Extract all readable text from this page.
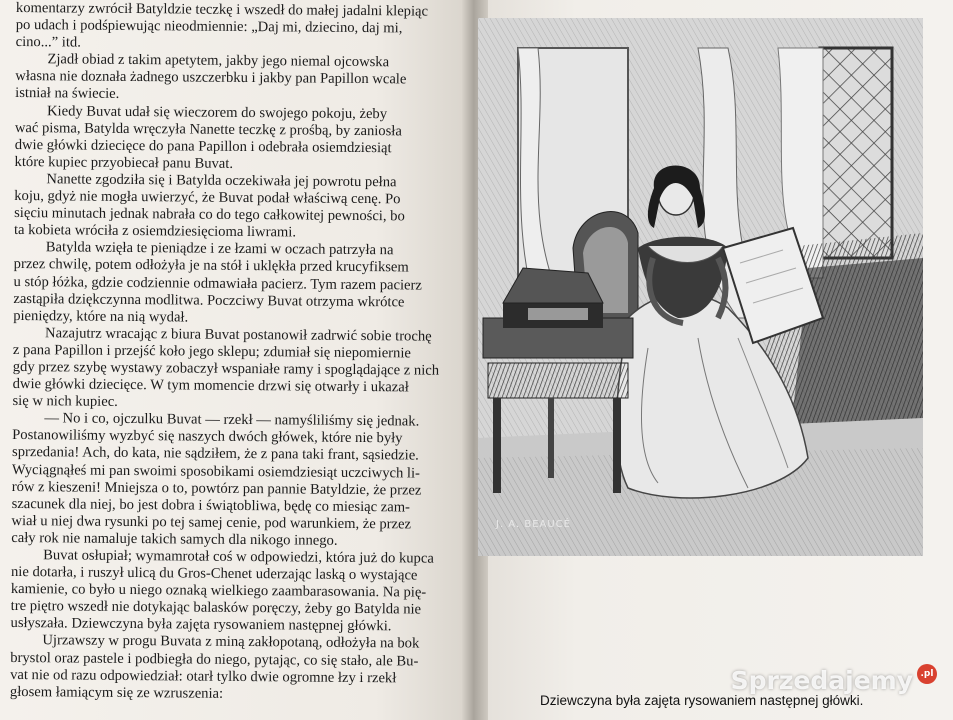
komentarzy zwrócił Batyldzie teczkę i wszedł do małej jadalni klepiąc
po udach i podśpiewując nieodmiennie: „Daj mi, dziecino, daj mi,
cino...” itd.
Zjadł obiad z takim apetytem, jakby jego niemal ojcowska
własna nie doznała żadnego uszczerbku i jakby pan Papillon wcale
istniał na świecie.
Kiedy Buvat udał się wieczorem do swojego pokoju, żeby
wać pisma, Batylda wręczyła Nanette teczkę z prośbą, by zaniosła
dwie główki dziecięce do pana Papillon i odebrała osiemdziesiąt
które kupiec przyobiecał panu Buvat.
Nanette zgodziła się i Batylda oczekiwała jej powrotu pełna
koju, gdyż nie mogła uwierzyć, że Buvat podał właściwą cenę. Po
sięciu minutach jednak nabrała co do tego całkowitej pewności, bo
ta kobieta wróciła z osiemdziesięcioma liwrami.
Batylda wzięła te pieniądze i ze łzami w oczach patrzyła na
przez chwilę, potem odłożyła je na stół i uklękła przed krucyfiksem
u stóp łóżka, gdzie codziennie odmawiała pacierz. Tym razem pacierz
zastąpiła dziękczynna modlitwa. Poczciwy Buvat otrzyma wkrótce
pieniędzy, które na nią wydał.
Nazajutrz wracając z biura Buvat postanowił zadrwić sobie trochę
z pana Papillon i przejść koło jego sklepu; zdumiał się niepomiernie
gdy przez szybę wystawy zobaczył wspaniałe ramy i spoglądające z nich
dwie główki dziecięce. W tym momencie drzwi się otwarły i ukazał
się w nich kupiec.
— No i co, ojczulku Buvat — rzekł — namyśliliśmy się jednak.
Postanowiliśmy wyzbyć się naszych dwóch główek, które nie były
sprzedania! Ach, do kata, nie sądziłem, że z pana taki frant, sąsiedzie.
Wyciągnąłeś mi pan swoimi sposobikami osiemdziesiąt uczciwych li-
rów z kieszeni! Mniejsza o to, powtórz pan pannie Batyldzie, że przez
szacunek dla niej, bo jest dobra i świątobliwa, będę co miesiąc zam-
wiał u niej dwa rysunki po tej samej cenie, pod warunkiem, że przez
cały rok nie namaluje takich samych dla nikogo innego.
Buvat osłupiał; wymamrotał coś w odpowiedzi, która już do kupca
nie dotarła, i ruszył ulicą du Gros-Chenet uderzając laską o wystające
kamienie, co było u niego oznaką wielkiego zaambarasowania. Na pię-
tre piętro wszedł nie dotykając balasków poręczy, żeby go Batylda nie
usłyszała. Dziewczyna była zajęta rysowaniem następnej główki.
Ujrzawszy w progu Buvata z miną zakłopotaną, odłożyła na bok
brystol oraz pastele i podbiegła do niego, pytając, co się stało, ale Bu-
vat nie od razu odpowiedział: otarł tylko dwie ogromne łzy i rzekł
głosem łamiącym się ze wzruszenia:
J. A. BEAUCÉ
Dziewczyna była zajęta rysowaniem następnej główki.
Sprzedajemy .pl
